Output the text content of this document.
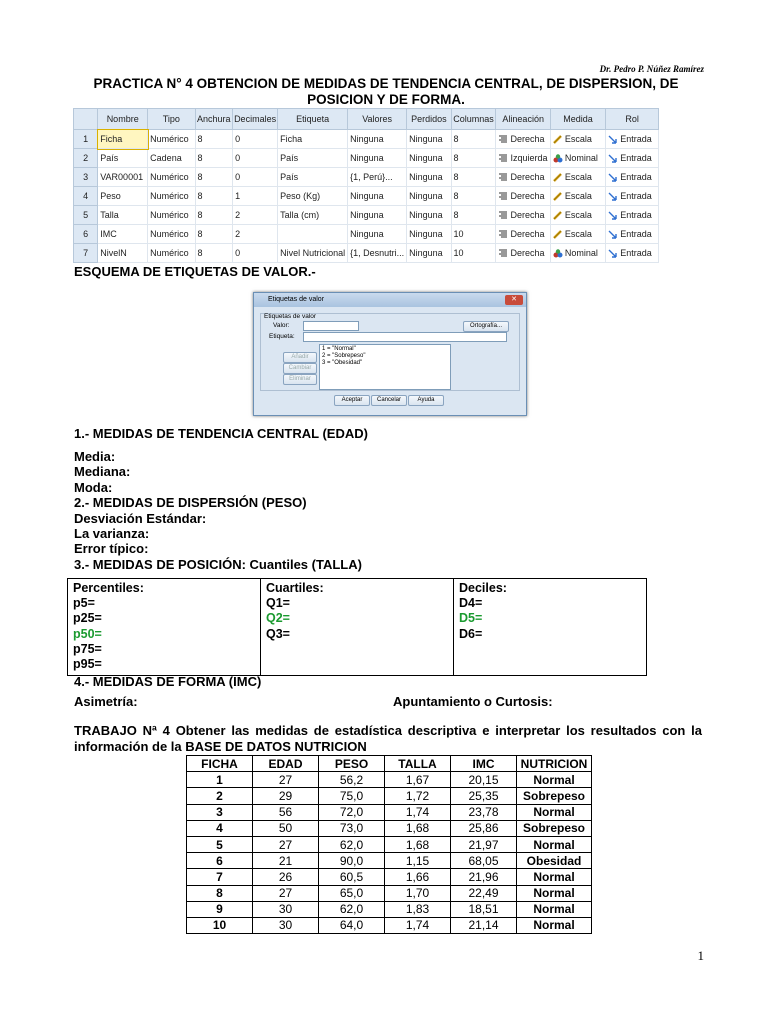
Dr. Pedro P. Núñez Ramírez
PRACTICA N° 4 OBTENCION DE MEDIDAS DE TENDENCIA CENTRAL, DE DISPERSION, DE POSICION Y DE FORMA.
	Nombre	Tipo	Anchura	Decimales	Etiqueta	Valores	Perdidos	Columnas	Alineación	Medida	Rol
1	Ficha	Numérico	8	0	Ficha	Ninguna	Ninguna	8	Derecha	Escala	Entrada
2	País	Cadena	8	0	País	Ninguna	Ninguna	8	Izquierda	Nominal	Entrada
3	VAR00001	Numérico	8	0	País	{1, Perú}...	Ninguna	8	Derecha	Escala	Entrada
4	Peso	Numérico	8	1	Peso (Kg)	Ninguna	Ninguna	8	Derecha	Escala	Entrada
5	Talla	Numérico	8	2	Talla (cm)	Ninguna	Ninguna	8	Derecha	Escala	Entrada
6	IMC	Numérico	8	2		Ninguna	Ninguna	10	Derecha	Escala	Entrada
7	NivelN	Numérico	8	0	Nivel Nutricional	{1, Desnutri...	Ninguna	10	Derecha	Nominal	Entrada
ESQUEMA DE ETIQUETAS DE VALOR.-
Etiquetas de valor	✕
Etiquetas de valor
Valor:
Etiqueta:
Ortografía...
Añadir
Cambiar
Eliminar
1 = "Normal"
2 = "Sobrepeso"
3 = "Obesidad"
Aceptar	Cancelar	Ayuda
1.- MEDIDAS DE TENDENCIA CENTRAL (EDAD)
Media:
Mediana:
Moda:
2.- MEDIDAS DE DISPERSIÓN (PESO)
Desviación Estándar:
La varianza:
Error típico:
3.- MEDIDAS DE POSICIÓN: Cuantiles (TALLA)
Percentiles:
p5=
p25=
p50=
p75=
p95=
Cuartiles:
Q1=
Q2=
Q3=
Deciles:
D4=
D5=
D6=
4.- MEDIDAS DE FORMA (IMC)
Asimetría:	Apuntamiento o Curtosis:
TRABAJO Nª 4 Obtener las medidas de estadística descriptiva e interpretar los resultados con la información de la BASE DE DATOS NUTRICION
FICHA	EDAD	PESO	TALLA	IMC	NUTRICION
1	27	56,2	1,67	20,15	Normal
2	29	75,0	1,72	25,35	Sobrepeso
3	56	72,0	1,74	23,78	Normal
4	50	73,0	1,68	25,86	Sobrepeso
5	27	62,0	1,68	21,97	Normal
6	21	90,0	1,15	68,05	Obesidad
7	26	60,5	1,66	21,96	Normal
8	27	65,0	1,70	22,49	Normal
9	30	62,0	1,83	18,51	Normal
10	30	64,0	1,74	21,14	Normal
1
